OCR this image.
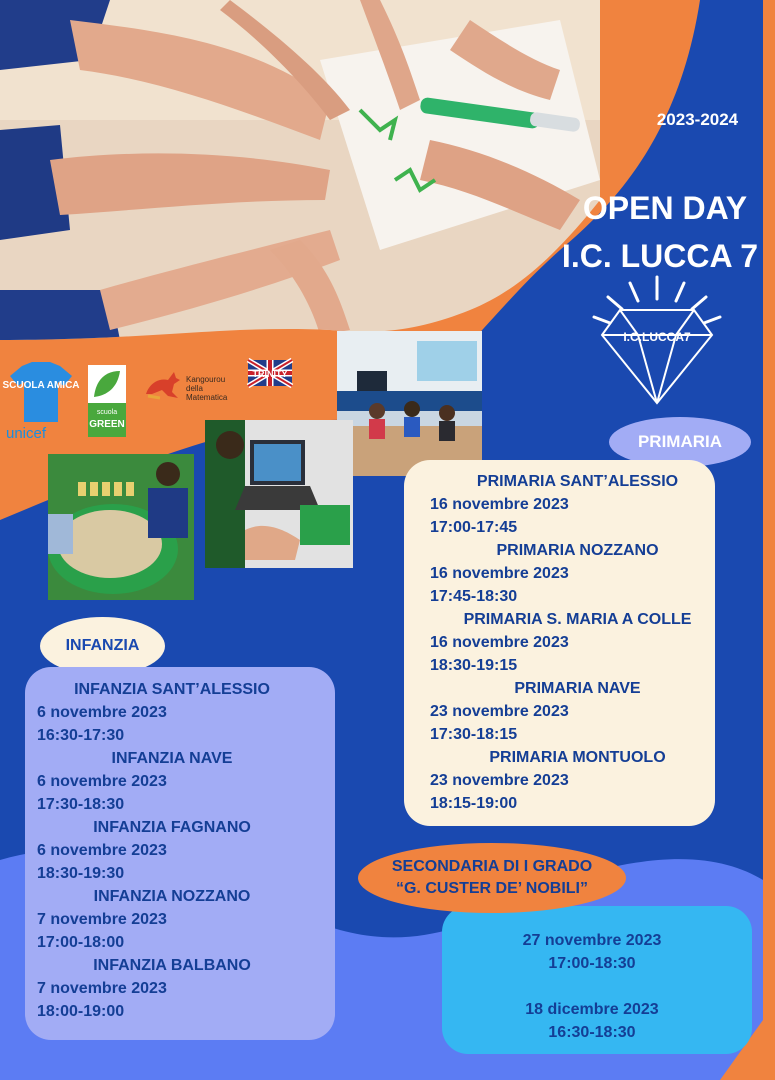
2023-2024
OPEN DAY
I.C. LUCCA 7
I.C.LUCCA7
SCUOLA AMICA
unicef
scuola
GREEN
Kangourou
della
Matematica
TRINITY
PRIMARIA
PRIMARIA SANT’ALESSIO
16 novembre 2023
17:00-17:45
PRIMARIA NOZZANO
16 novembre 2023
17:45-18:30
PRIMARIA S. MARIA A COLLE
16 novembre 2023
18:30-19:15
PRIMARIA NAVE
23 novembre 2023
17:30-18:15
PRIMARIA MONTUOLO
23 novembre 2023
18:15-19:00
INFANZIA
INFANZIA SANT’ALESSIO
6 novembre 2023
16:30-17:30
INFANZIA NAVE
6 novembre 2023
17:30-18:30
INFANZIA FAGNANO
6 novembre 2023
18:30-19:30
INFANZIA NOZZANO
7 novembre 2023
17:00-18:00
INFANZIA BALBANO
7 novembre 2023
18:00-19:00
27 novembre 2023
17:00-18:30
18 dicembre 2023
16:30-18:30
SECONDARIA DI I GRADO
“G. CUSTER DE’ NOBILI”
